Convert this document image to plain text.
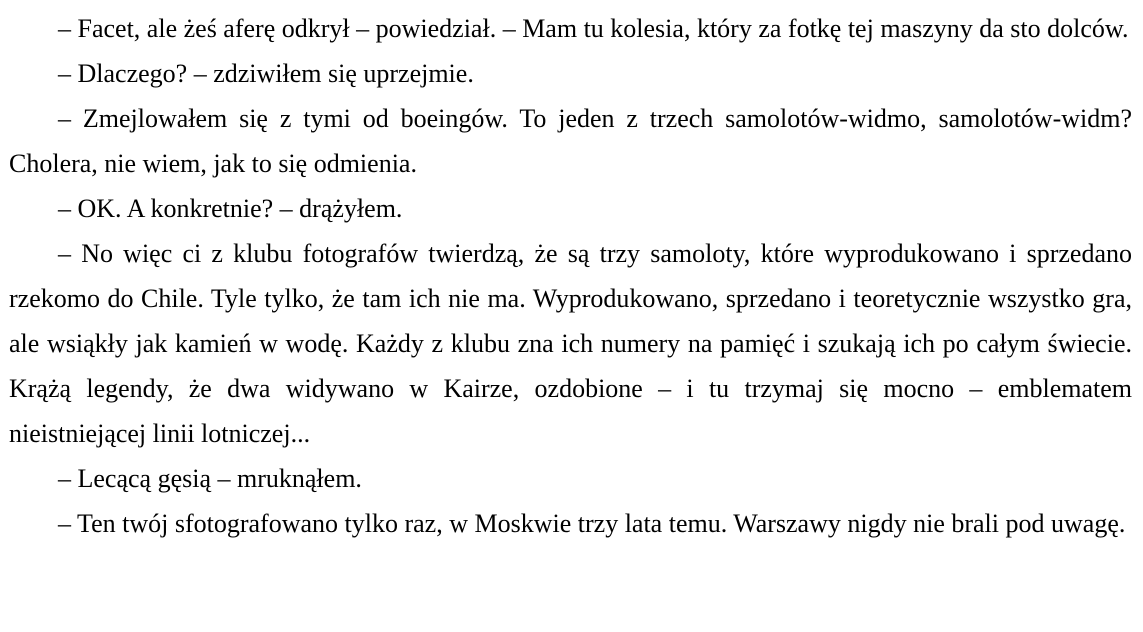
– Facet, ale żeś aferę odkrył – powiedział. – Mam tu kolesia, który za fotkę tej maszyny da sto dolców.

– Dlaczego? – zdziwiłem się uprzejmie.

– Zmejlowałem się z tymi od boeingów. To jeden z trzech samolotów-widmo, samolotów-widm? Cholera, nie wiem, jak to się odmienia.

– OK. A konkretnie? – drążyłem.

– No więc ci z klubu fotografów twierdzą, że są trzy samoloty, które wyprodukowano i sprzedano rzekomo do Chile. Tyle tylko, że tam ich nie ma. Wyprodukowano, sprzedano i teoretycznie wszystko gra, ale wsiąkły jak kamień w wodę. Każdy z klubu zna ich numery na pamięć i szukają ich po całym świecie. Krążą legendy, że dwa widywano w Kairze, ozdobione – i tu trzymaj się mocno – emblematem nieistniejącej linii lotniczej...

– Lecącą gęsią – mruknąłem.

– Ten twój sfotografowano tylko raz, w Moskwie trzy lata temu. Warszawy nigdy nie brali pod uwagę.
